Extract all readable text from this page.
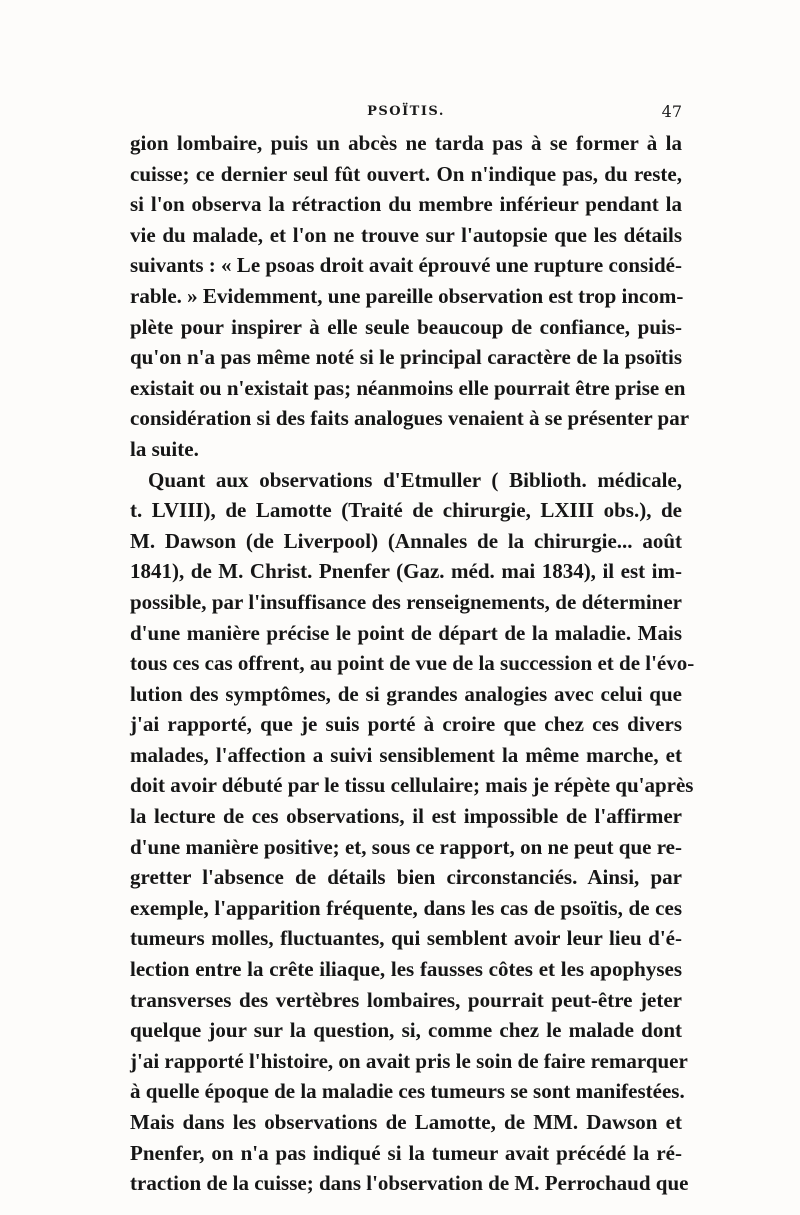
PSOÏTIS.	47
gion lombaire, puis un abcès ne tarda pas à se former à la
cuisse; ce dernier seul fût ouvert. On n'indique pas, du reste,
si l'on observa la rétraction du membre inférieur pendant la
vie du malade, et l'on ne trouve sur l'autopsie que les détails
suivants : « Le psoas droit avait éprouvé une rupture considé-
rable. » Evidemment, une pareille observation est trop incom-
plète pour inspirer à elle seule beaucoup de confiance, puis-
qu'on n'a pas même noté si le principal caractère de la psoïtis
existait ou n'existait pas; néanmoins elle pourrait être prise en
considération si des faits analogues venaient à se présenter par
la suite.
Quant aux observations d'Etmuller ( Biblioth. médicale,
t. LVIII), de Lamotte (Traité de chirurgie, LXIII obs.), de
M. Dawson (de Liverpool) (Annales de la chirurgie... août
1841), de M. Christ. Pnenfer (Gaz. méd. mai 1834), il est im-
possible, par l'insuffisance des renseignements, de déterminer
d'une manière précise le point de départ de la maladie. Mais
tous ces cas offrent, au point de vue de la succession et de l'évo-
lution des symptômes, de si grandes analogies avec celui que
j'ai rapporté, que je suis porté à croire que chez ces divers
malades, l'affection a suivi sensiblement la même marche, et
doit avoir débuté par le tissu cellulaire; mais je répète qu'après
la lecture de ces observations, il est impossible de l'affirmer
d'une manière positive; et, sous ce rapport, on ne peut que re-
gretter l'absence de détails bien circonstanciés. Ainsi, par
exemple, l'apparition fréquente, dans les cas de psoïtis, de ces
tumeurs molles, fluctuantes, qui semblent avoir leur lieu d'é-
lection entre la crête iliaque, les fausses côtes et les apophyses
transverses des vertèbres lombaires, pourrait peut-être jeter
quelque jour sur la question, si, comme chez le malade dont
j'ai rapporté l'histoire, on avait pris le soin de faire remarquer
à quelle époque de la maladie ces tumeurs se sont manifestées.
Mais dans les observations de Lamotte, de MM. Dawson et
Pnenfer, on n'a pas indiqué si la tumeur avait précédé la ré-
traction de la cuisse; dans l'observation de M. Perrochaud que
